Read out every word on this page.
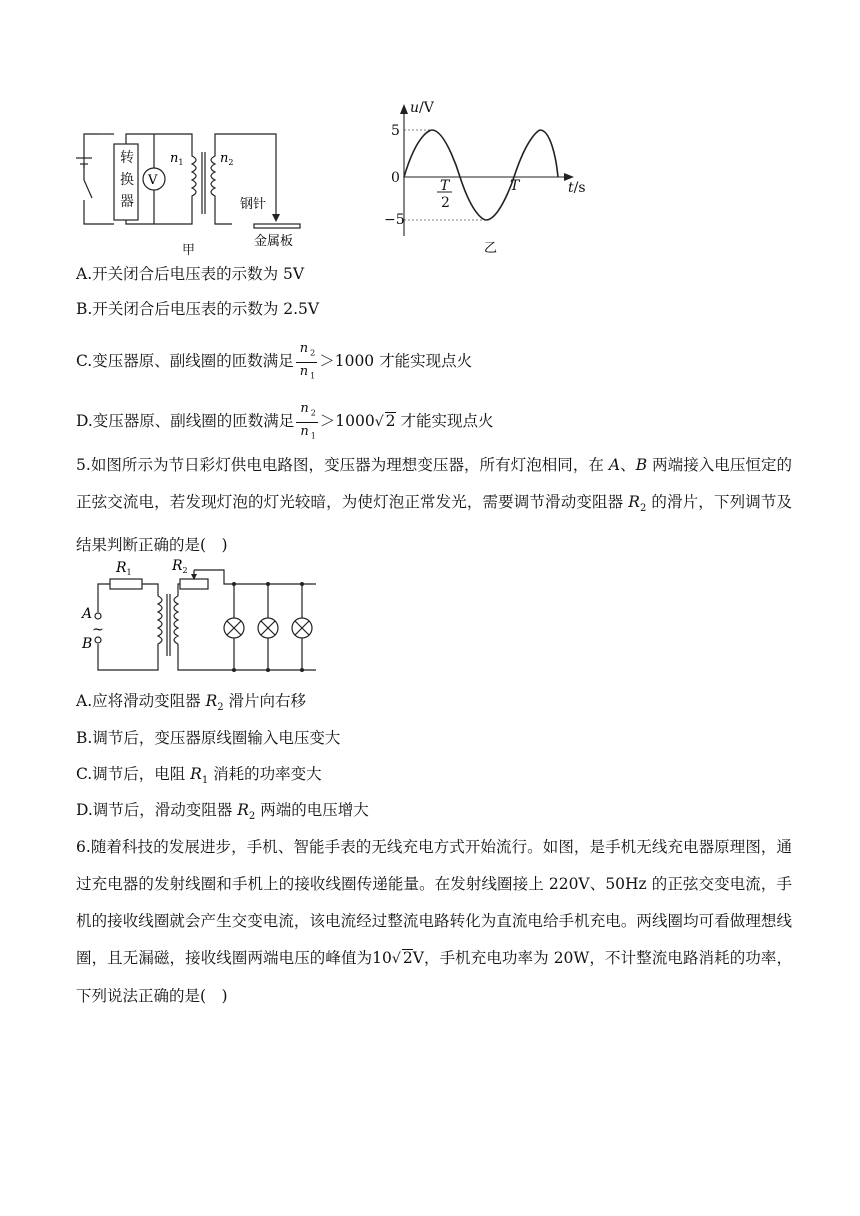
转
换
器
V
$n_1$	$n_2$
钢针
金属板
甲
u/V
5
0
−5
T
2
T	t/s
乙
A.开关闭合后电压表的示数为 5V
B.开关闭合后电压表的示数为 2.5V
C.变压器原、副线圈的匝数满足 $\frac{n _2}{n _1} >1000$ 才能实现点火
D.变压器原、副线圈的匝数满足 $\frac{n _2}{n _1} >1000√$ 2 才能实现点火
5.如图所示为节日彩灯供电电路图，变压器为理想变压器，所有灯泡相同，在 A、B 两端接入电压恒定的正弦交流电，若发现灯泡的灯光较暗，为使灯泡正常发光，需要调节滑动变阻器 $R_2$ 的滑片，下列调节及结果判断正确的是(　)
$R_1$	$R_2$
A
~
B
A.应将滑动变阻器 $R_2$ 滑片向右移
B.调节后，变压器原线圈输入电压变大
C.调节后，电阻 $R_1$ 消耗的功率变大
D.调节后，滑动变阻器 $R_2$ 两端的电压增大
6.随着科技的发展进步，手机、智能手表的无线充电方式开始流行。如图，是手机无线充电器原理图，通过充电器的发射线圈和手机上的接收线圈传递能量。在发射线圈接上 220V、50Hz 的正弦交变电流，手机的接收线圈就会产生交变电流，该电流经过整流电路转化为直流电给手机充电。两线圈均可看做理想线圈，且无漏磁，接收线圈两端电压的峰值为10√ 2V，手机充电功率为 20W，不计整流电路消耗的功率，下列说法正确的是(　)
